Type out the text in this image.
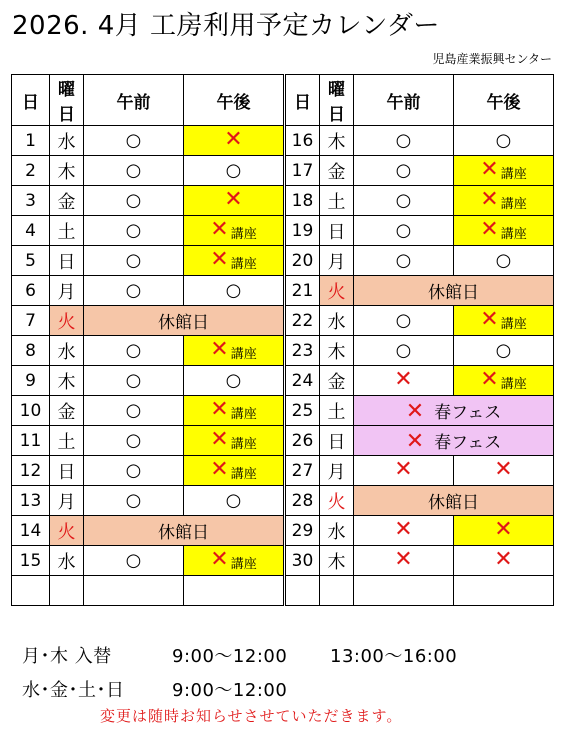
2026. 4月 工房利用予定カレンダー
児島産業振興センター
日	曜日	午前	午後
1	水	○	✕
2	木	○	○
3	金	○	✕
4	土	○	✕ 講座
5	日	○	✕ 講座
6	月	○	○
7	火	休館日	
8	水	○	✕ 講座
9	木	○	○
10	金	○	✕ 講座
11	土	○	✕ 講座
12	日	○	✕ 講座
13	月	○	○
14	火	休館日	
15	水	○	✕ 講座

日	曜日	午前	午後
16	木	○	○
17	金	○	✕ 講座
18	土	○	✕ 講座
19	日	○	✕ 講座
20	月	○	○
21	火	休館日	
22	水	○	✕ 講座
23	木	○	○
24	金	✕	✕ 講座
25	土	✕ 春フェス	
26	日	✕ 春フェス	
27	月	✕	✕
28	火	休館日	
29	水	✕	✕
30	木	✕	✕

月･木 入替	9:00～12:00 13:00～16:00
水･金･土･日	9:00～12:00
変更は随時お知らせさせていただきます。
